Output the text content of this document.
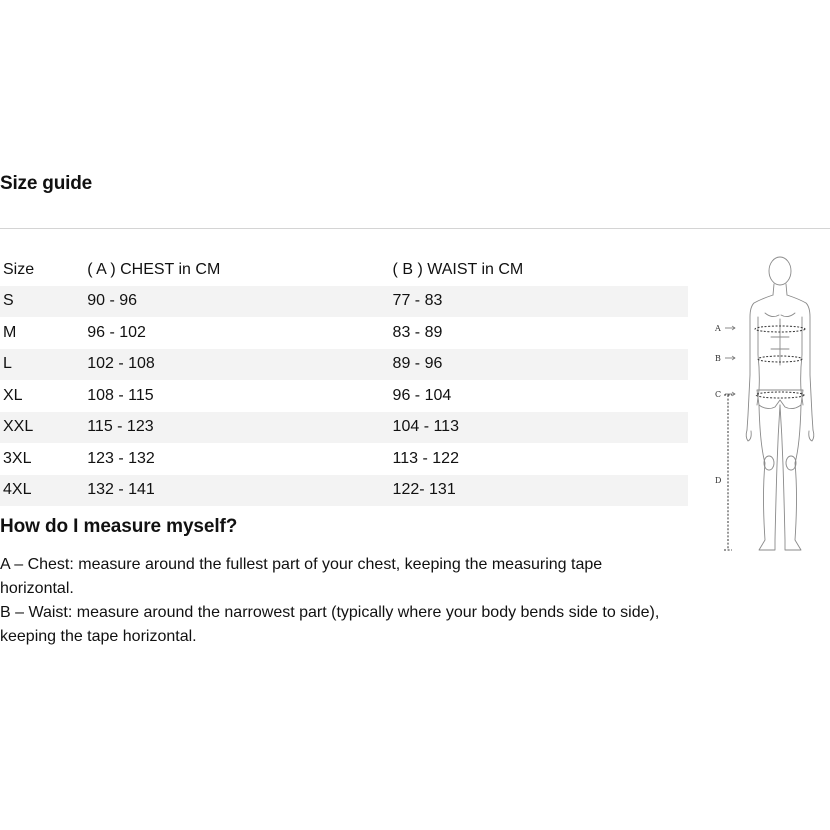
Size guide
Size	( A ) CHEST in CM	( B ) WAIST in CM
S	90 - 96	77 - 83
M	96 - 102	83 - 89
L	102 - 108	89 - 96
XL	108 - 115	96 - 104
XXL	115 - 123	104 - 113
3XL	123 - 132	113 - 122
4XL	132 - 141	122- 131
How do I measure myself?

A – Chest: measure around the fullest part of your chest, keeping the measuring tape horizontal.

B – Waist: measure around the narrowest part (typically where your body bends side to side), keeping the tape horizontal.

A
B
C
D
